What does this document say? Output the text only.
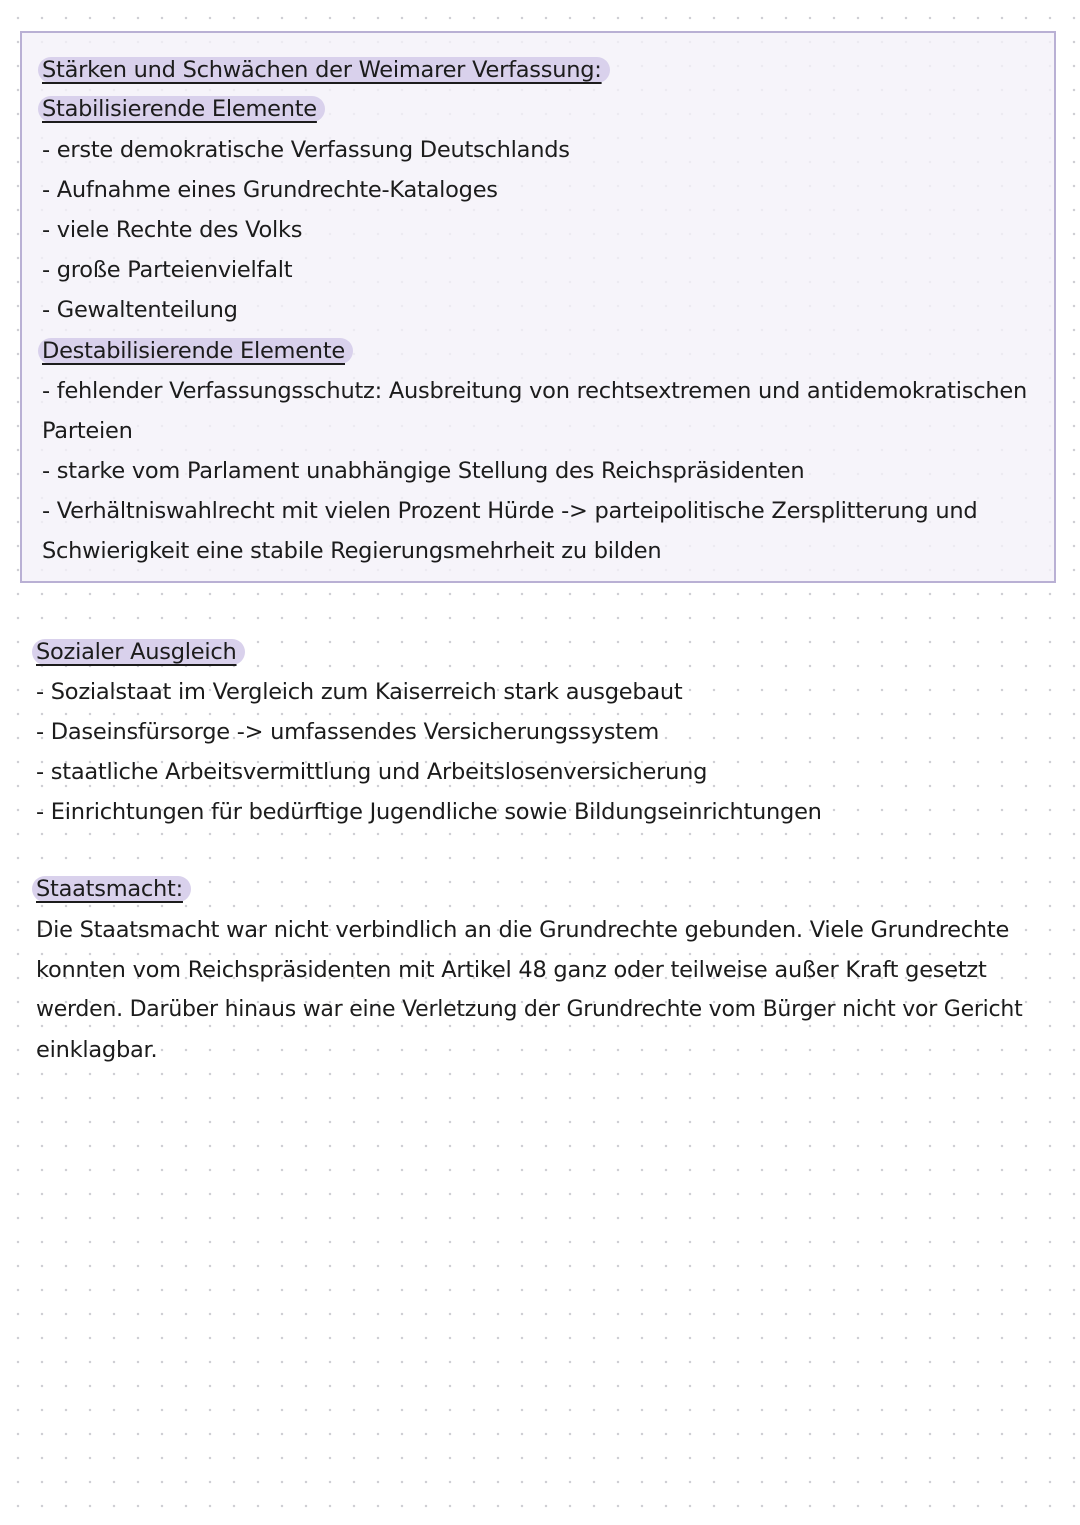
Stärken und Schwächen der Weimarer Verfassung:
Stabilisierende Elemente
- erste demokratische Verfassung Deutschlands
- Aufnahme eines Grundrechte-Kataloges
- viele Rechte des Volks
- große Parteienvielfalt
- Gewaltenteilung
Destabilisierende Elemente
- fehlender Verfassungsschutz: Ausbreitung von rechtsextremen und antidemokratischen
Parteien
- starke vom Parlament unabhängige Stellung des Reichspräsidenten
- Verhältniswahlrecht mit vielen Prozent Hürde -> parteipolitische Zersplitterung und
Schwierigkeit eine stabile Regierungsmehrheit zu bilden
Sozialer Ausgleich
- Sozialstaat im Vergleich zum Kaiserreich stark ausgebaut
- Daseinsfürsorge -> umfassendes Versicherungssystem
- staatliche Arbeitsvermittlung und Arbeitslosenversicherung
- Einrichtungen für bedürftige Jugendliche sowie Bildungseinrichtungen
Staatsmacht:
Die Staatsmacht war nicht verbindlich an die Grundrechte gebunden. Viele Grundrechte
konnten vom Reichspräsidenten mit Artikel 48 ganz oder teilweise außer Kraft gesetzt
werden. Darüber hinaus war eine Verletzung der Grundrechte vom Bürger nicht vor Gericht
einklagbar.
